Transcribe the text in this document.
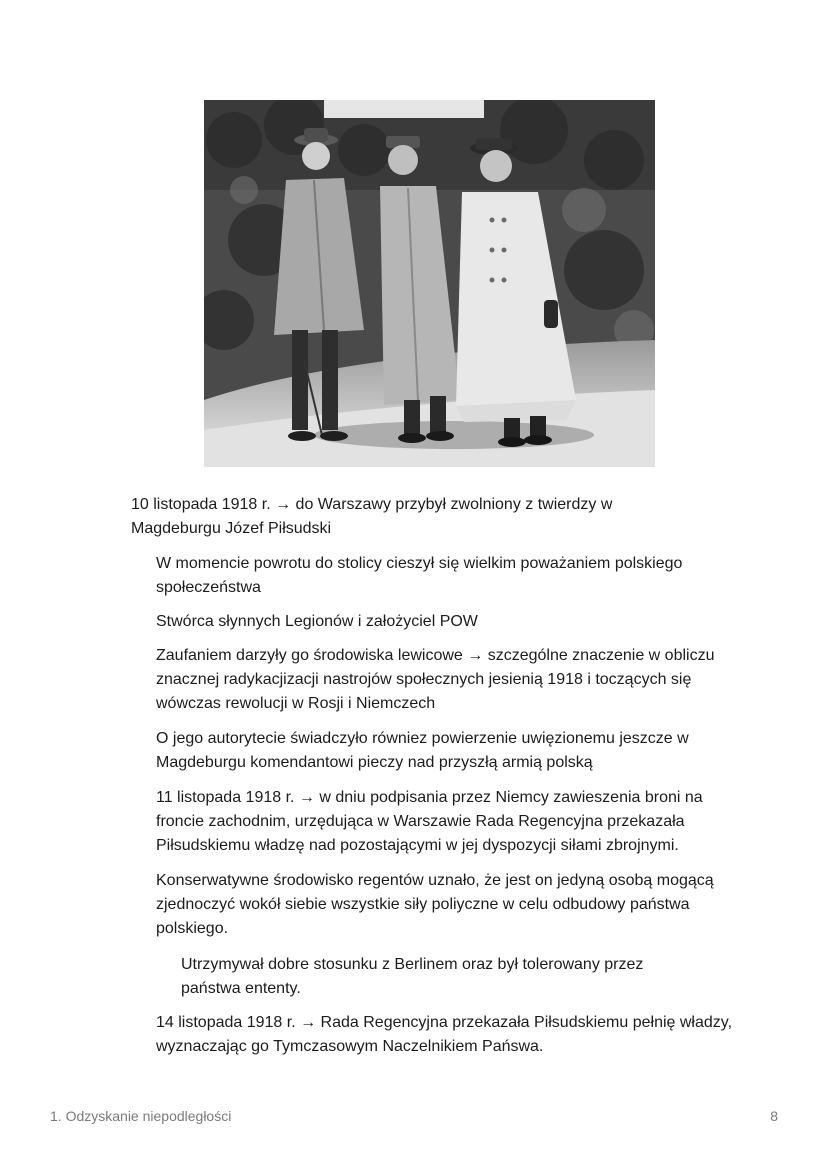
10 listopada 1918 r. → do Warszawy przybył zwolniony z twierdzy w Magdeburgu Józef Piłsudski

W momencie powrotu do stolicy cieszył się wielkim poważaniem polskiego społeczeństwa

Stwórca słynnych Legionów i założyciel POW

Zaufaniem darzyły go środowiska lewicowe → szczególne znaczenie w obliczu znacznej radykacjizacji nastrojów społecznych jesienią 1918 i toczących się wówczas rewolucji w Rosji i Niemczech

O jego autorytecie świadczyło równiez powierzenie uwięzionemu jeszcze w Magdeburgu komendantowi pieczy nad przyszłą armią polską

11 listopada 1918 r. → w dniu podpisania przez Niemcy zawieszenia broni na froncie zachodnim, urzędująca w Warszawie Rada Regencyjna przekazała Piłsudskiemu władzę nad pozostającymi w jej dyspozycji siłami zbrojnymi.

Konserwatywne środowisko regentów uznało, że jest on jedyną osobą mogącą zjednoczyć wokół siebie wszystkie siły poliyczne w celu odbudowy państwa polskiego.

Utrzymywał dobre stosunku z Berlinem oraz był tolerowany przez państwa ententy.

14 listopada 1918 r. → Rada Regencyjna przekazała Piłsudskiemu pełnię władzy, wyznaczając go Tymczasowym Naczelnikiem Pańswa.

1. Odzyskanie niepodległości	8
